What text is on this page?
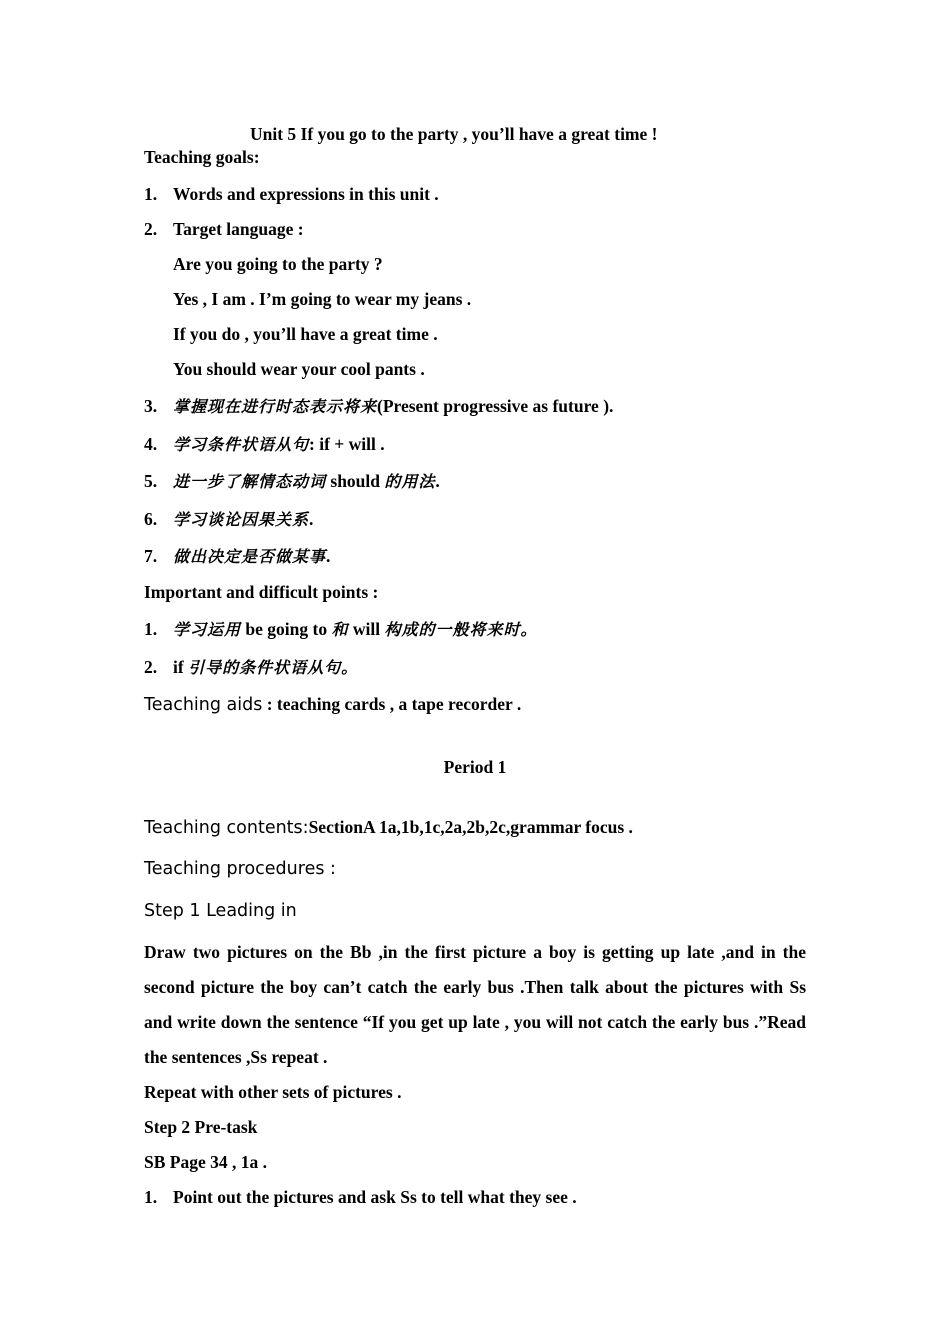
Unit 5 If you go to the party , you’ll have a great time !
Teaching goals:
1. Words and expressions in this unit .
2. Target language :
Are you going to the party ?
Yes , I am . I’m going to wear my jeans .
If you do , you’ll have a great time .
You should wear your cool pants .
3. 掌握现在进行时态表示将来(Present progressive as future ).
4. 学习条件状语从句: if + will .
5. 进一步了解情态动词 should 的用法.
6. 学习谈论因果关系.
7. 做出决定是否做某事.
Important and difficult points :
1. 学习运用 be going to 和 will 构成的一般将来时。
2. if 引导的条件状语从句。
Teaching aids : teaching cards , a tape recorder .
Period 1
Teaching contents:SectionA 1a,1b,1c,2a,2b,2c,grammar focus .
Teaching procedures :
Step 1 Leading in
Draw two pictures on the Bb ,in the first picture a boy is getting up late ,and in the second picture the boy can’t catch the early bus .Then talk about the pictures with Ss and write down the sentence “If you get up late , you will not catch the early bus .”Read the sentences ,Ss repeat .
Repeat with other sets of pictures .
Step 2 Pre-task
SB Page 34 , 1a .
1. Point out the pictures and ask Ss to tell what they see .
